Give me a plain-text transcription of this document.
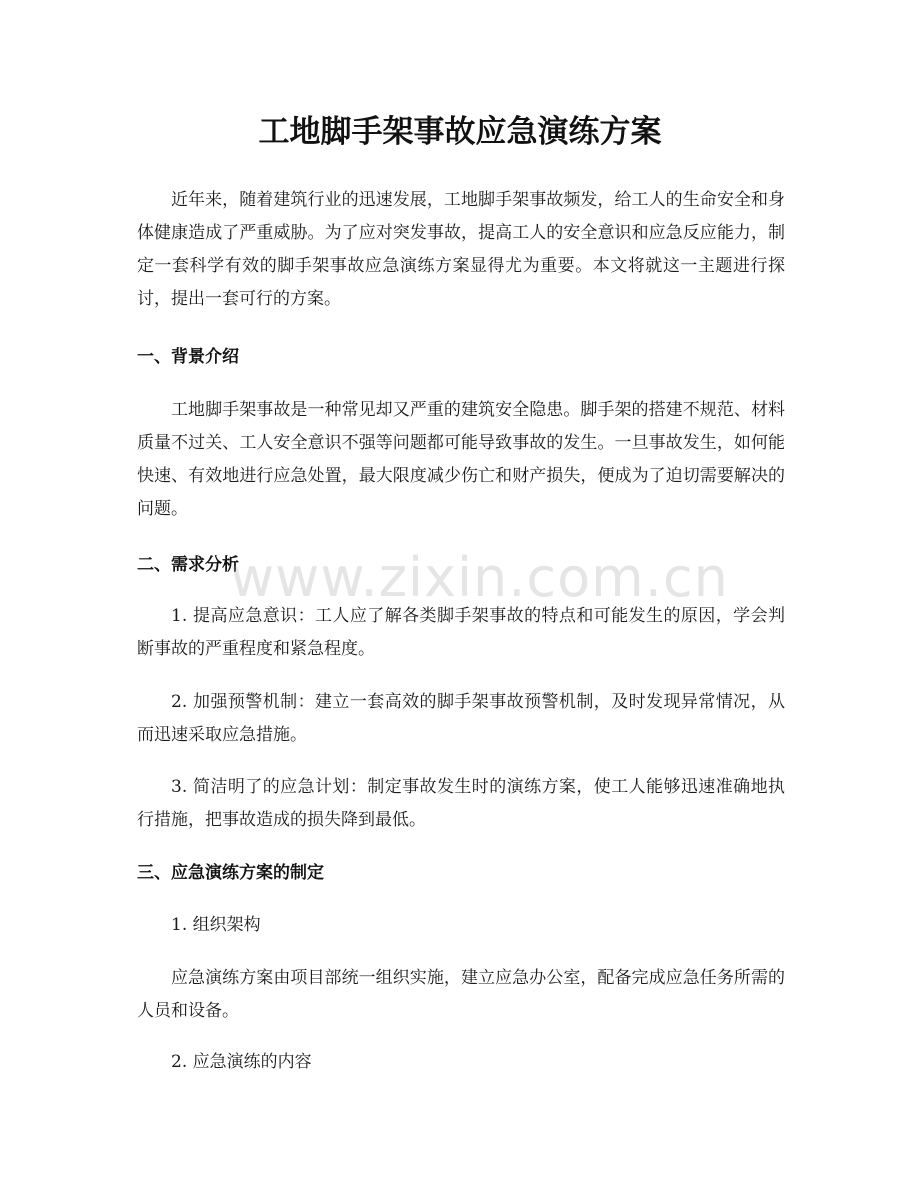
工地脚手架事故应急演练方案

近年来，随着建筑行业的迅速发展，工地脚手架事故频发，给工人的生命安全和身体健康造成了严重威胁。为了应对突发事故，提高工人的安全意识和应急反应能力，制定一套科学有效的脚手架事故应急演练方案显得尤为重要。本文将就这一主题进行探讨，提出一套可行的方案。

一、背景介绍

工地脚手架事故是一种常见却又严重的建筑安全隐患。脚手架的搭建不规范、材料质量不过关、工人安全意识不强等问题都可能导致事故的发生。一旦事故发生，如何能快速、有效地进行应急处置，最大限度减少伤亡和财产损失，便成为了迫切需要解决的问题。

二、需求分析

1. 提高应急意识：工人应了解各类脚手架事故的特点和可能发生的原因，学会判断事故的严重程度和紧急程度。

2. 加强预警机制：建立一套高效的脚手架事故预警机制，及时发现异常情况，从而迅速采取应急措施。

3. 简洁明了的应急计划：制定事故发生时的演练方案，使工人能够迅速准确地执行措施，把事故造成的损失降到最低。

三、应急演练方案的制定

1. 组织架构

应急演练方案由项目部统一组织实施，建立应急办公室，配备完成应急任务所需的人员和设备。

2. 应急演练的内容

www.zixin.com.cn
